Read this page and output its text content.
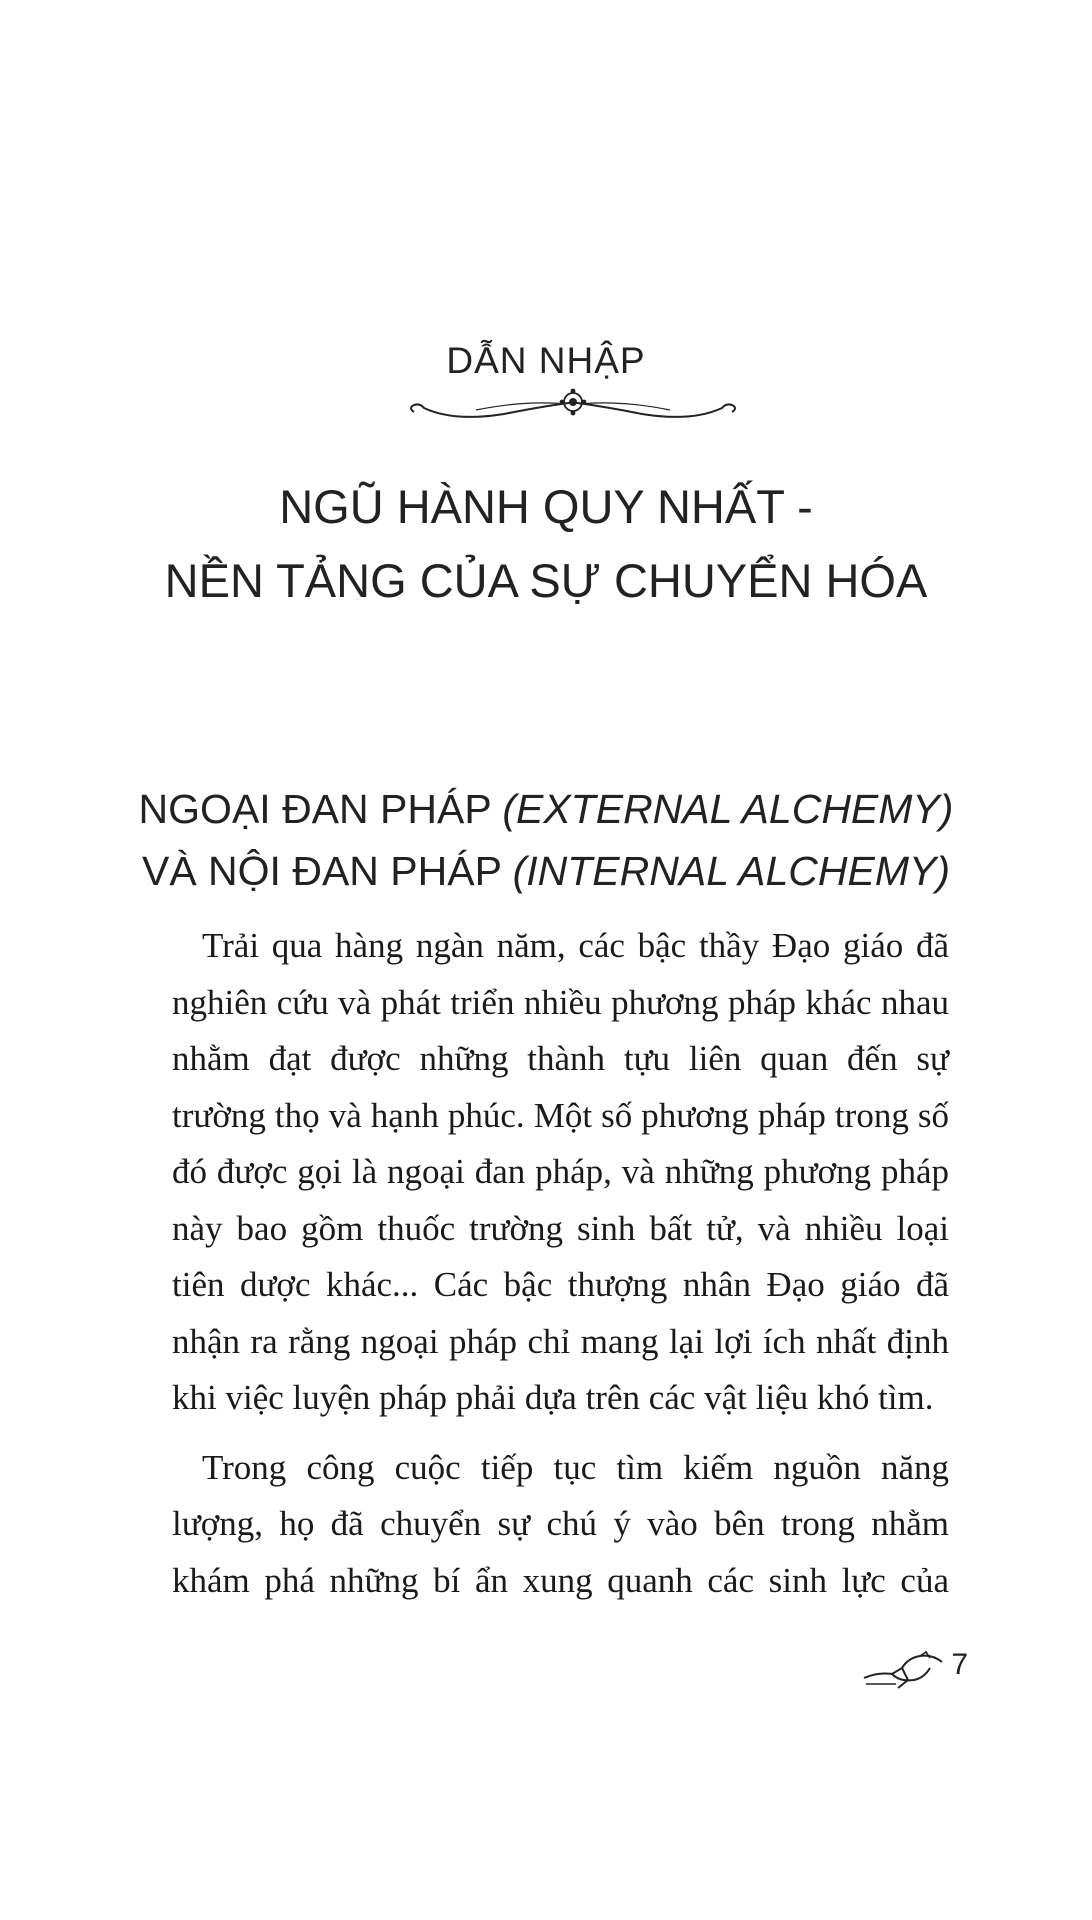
DẪN NHẬP
NGŨ HÀNH QUY NHẤT -
NỀN TẢNG CỦA SỰ CHUYỂN HÓA
NGOẠI ĐAN PHÁP (EXTERNAL ALCHEMY)
VÀ NỘI ĐAN PHÁP (INTERNAL ALCHEMY)

Trải qua hàng ngàn năm, các bậc thầy Đạo giáo đã nghiên cứu và phát triển nhiều phương pháp khác nhau nhằm đạt được những thành tựu liên quan đến sự trường thọ và hạnh phúc. Một số phương pháp trong số đó được gọi là ngoại đan pháp, và những phương pháp này bao gồm thuốc trường sinh bất tử, và nhiều loại tiên dược khác... Các bậc thượng nhân Đạo giáo đã nhận ra rằng ngoại pháp chỉ mang lại lợi ích nhất định khi việc luyện pháp phải dựa trên các vật liệu khó tìm.

Trong công cuộc tiếp tục tìm kiếm nguồn năng lượng, họ đã chuyển sự chú ý vào bên trong nhằm khám phá những bí ẩn xung quanh các sinh lực của

7
